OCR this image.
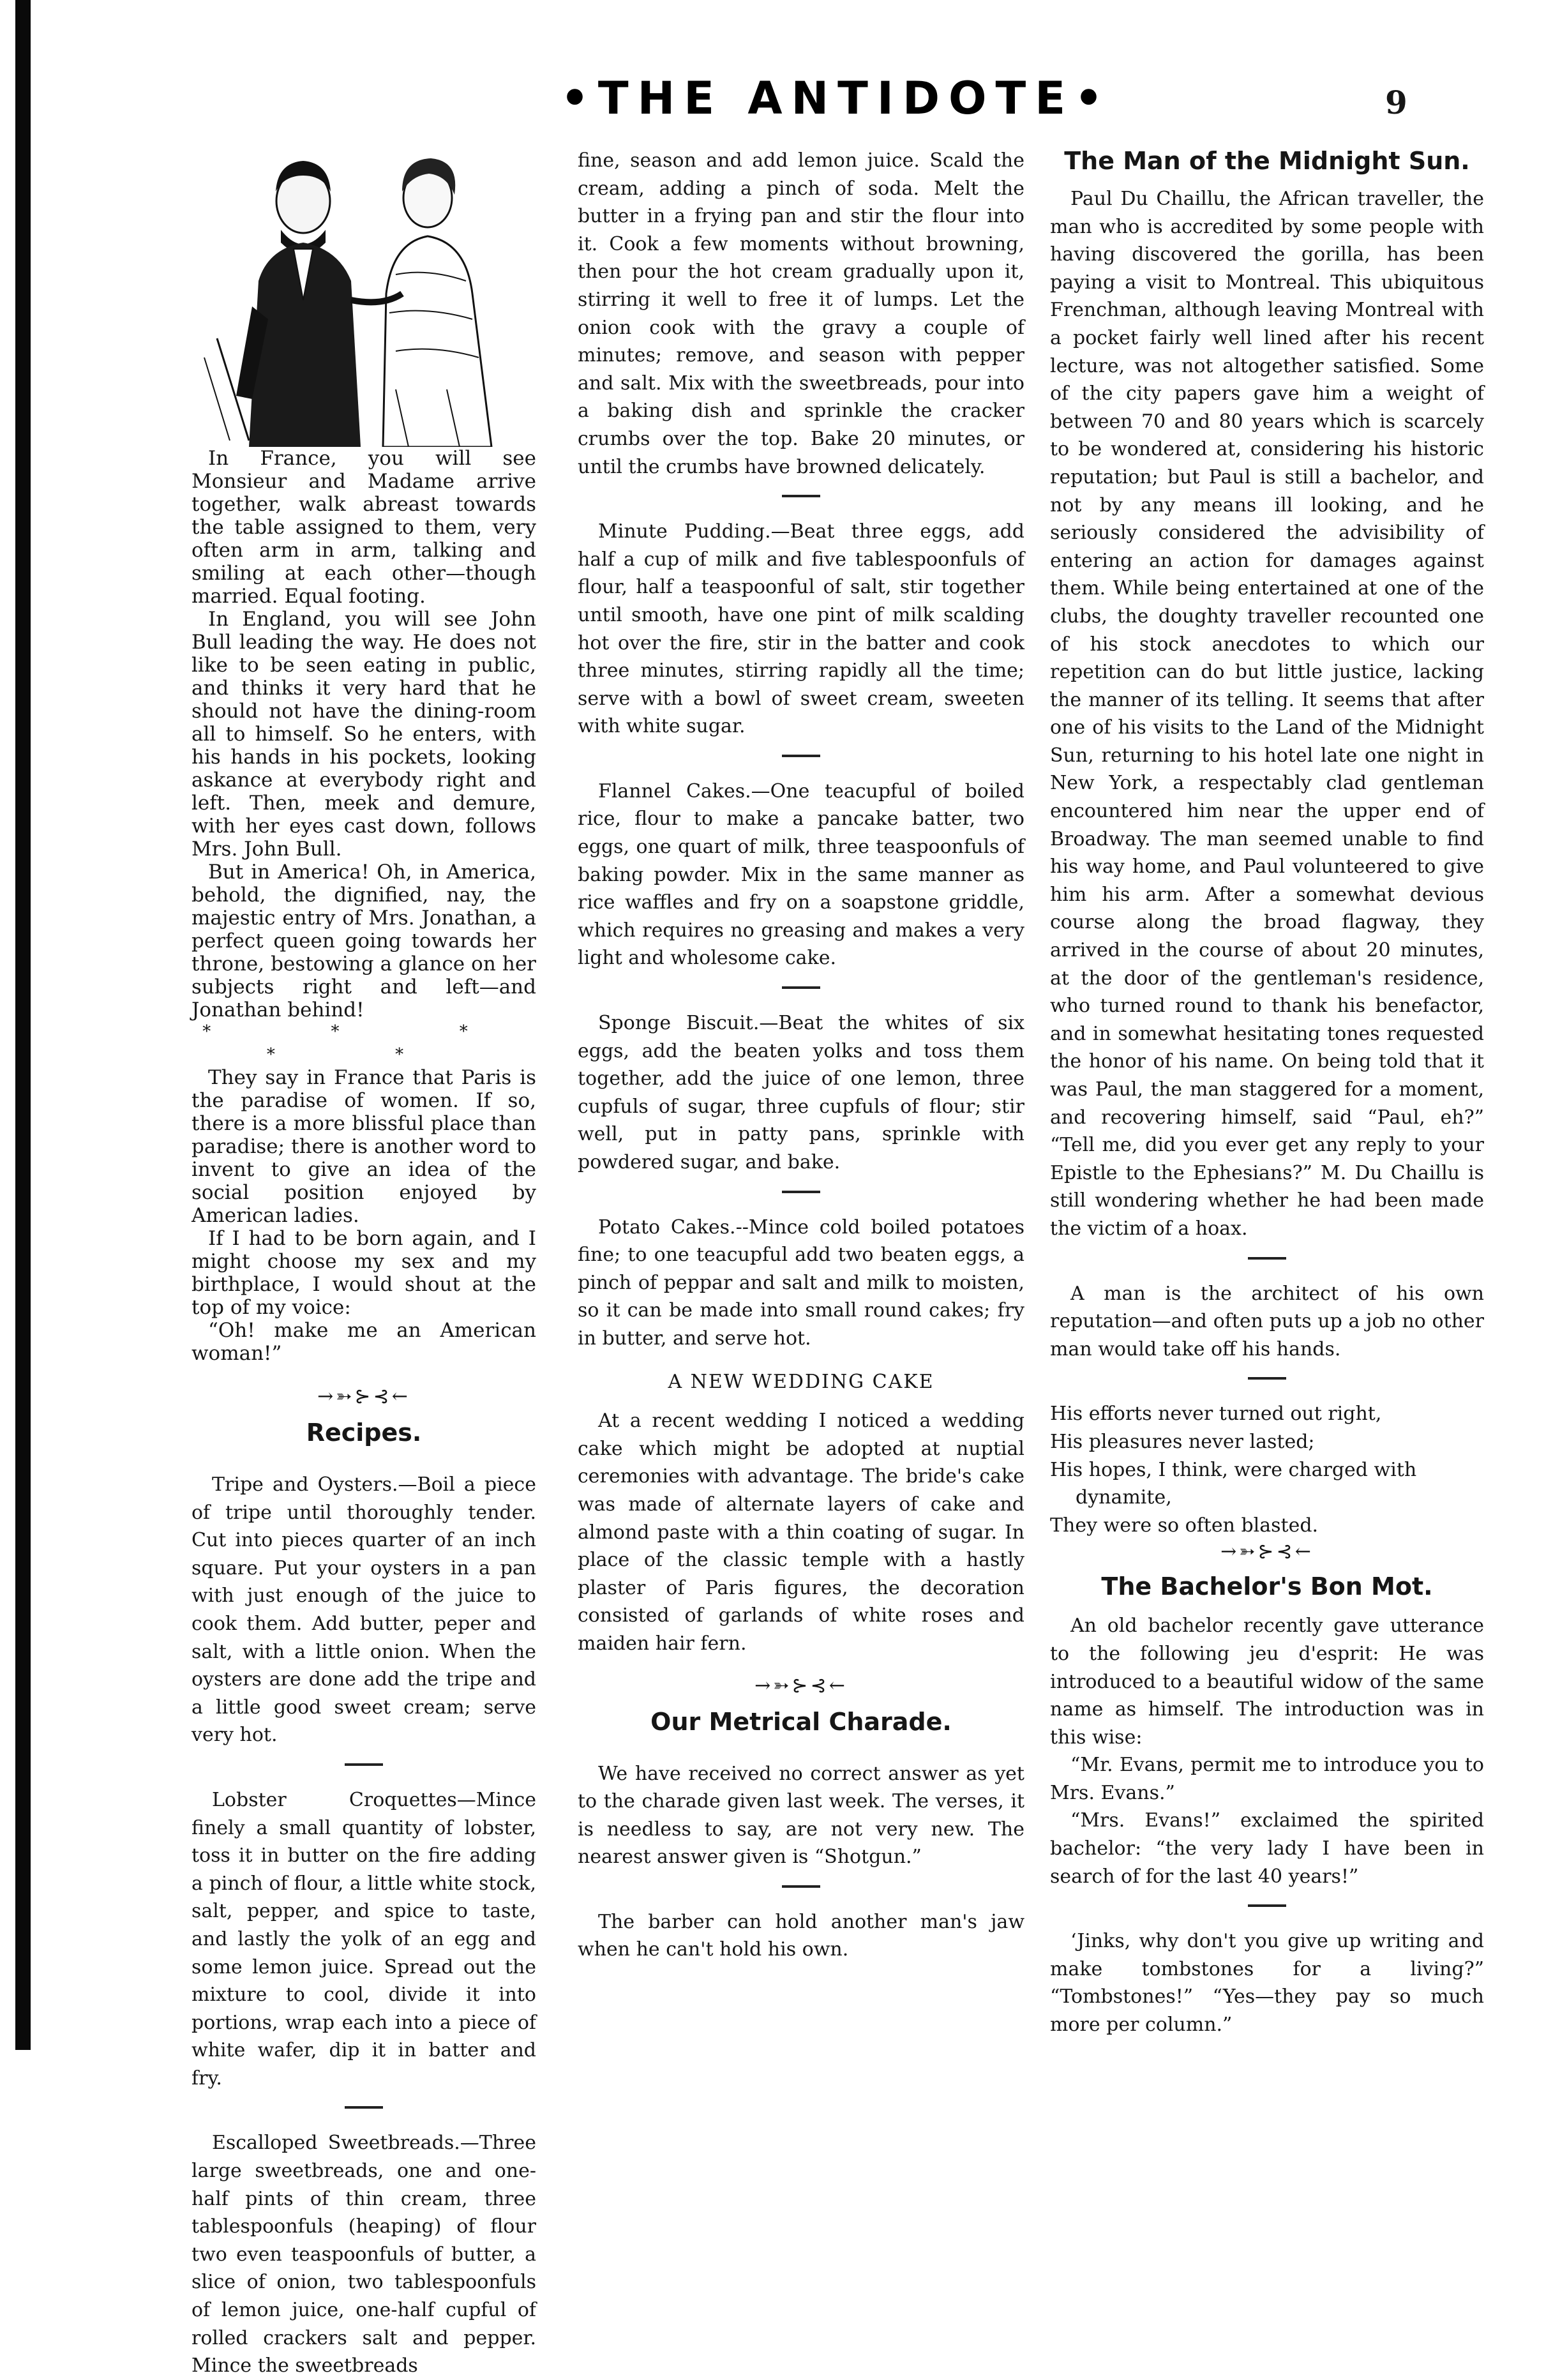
•THE ANTIDOTE•	9

In France, you will see Monsieur and Madame arrive together, walk abreast towards the table assigned to them, very often arm in arm, talking and smiling at each other—though married. Equal footing.

In England, you will see John Bull leading the way. He does not like to be seen eating in public, and thinks it very hard that he should not have the dining-room all to himself. So he enters, with his hands in his pockets, looking askance at everybody right and left. Then, meek and demure, with her eyes cast down, follows Mrs. John Bull.

But in America! Oh, in America, behold, the dignified, nay, the majestic entry of Mrs. Jonathan, a perfect queen going towards her throne, bestowing a glance on her subjects right and left—and Jonathan behind!

* * * * *

They say in France that Paris is the paradise of women. If so, there is a more blissful place than paradise; there is another word to invent to give an idea of the social position enjoyed by American ladies.

If I had to be born again, and I might choose my sex and my birthplace, I would shout at the top of my voice:

“Oh! make me an American woman!”

→➳⊱⊰←
Recipes.

Tripe and Oysters.—Boil a piece of tripe until thoroughly tender. Cut into pieces quarter of an inch square. Put your oysters in a pan with just enough of the juice to cook them. Add butter, peper and salt, with a little onion. When the oysters are done add the tripe and a little good sweet cream; serve very hot.

Lobster Croquettes—Mince finely a small quantity of lobster, toss it in butter on the fire adding a pinch of flour, a little white stock, salt, pepper, and spice to taste, and lastly the yolk of an egg and some lemon juice. Spread out the mixture to cool, divide it into portions, wrap each into a piece of white wafer, dip it in batter and fry.

Escalloped Sweetbreads.—Three large sweetbreads, one and one-half pints of thin cream, three tablespoonfuls (heaping) of flour two even teaspoonfuls of butter, a slice of onion, two tablespoonfuls of lemon juice, one-half cupful of rolled crackers salt and pepper. Mince the sweetbreads

fine, season and add lemon juice. Scald the cream, adding a pinch of soda. Melt the butter in a frying pan and stir the flour into it. Cook a few moments without browning, then pour the hot cream gradually upon it, stirring it well to free it of lumps. Let the onion cook with the gravy a couple of minutes; remove, and season with pepper and salt. Mix with the sweetbreads, pour into a baking dish and sprinkle the cracker crumbs over the top. Bake 20 minutes, or until the crumbs have browned delicately.

Minute Pudding.—Beat three eggs, add half a cup of milk and five tablespoonfuls of flour, half a teaspoonful of salt, stir together until smooth, have one pint of milk scalding hot over the fire, stir in the batter and cook three minutes, stirring rapidly all the time; serve with a bowl of sweet cream, sweeten with white sugar.

Flannel Cakes.—One teacupful of boiled rice, flour to make a pancake batter, two eggs, one quart of milk, three teaspoonfuls of baking powder. Mix in the same manner as rice waffles and fry on a soapstone griddle, which requires no greasing and makes a very light and wholesome cake.

Sponge Biscuit.—Beat the whites of six eggs, add the beaten yolks and toss them together, add the juice of one lemon, three cupfuls of sugar, three cupfuls of flour; stir well, put in patty pans, sprinkle with powdered sugar, and bake.

Potato Cakes.--Mince cold boiled potatoes fine; to one teacupful add two beaten eggs, a pinch of peppar and salt and milk to moisten, so it can be made into small round cakes; fry in butter, and serve hot.

A NEW WEDDING CAKE

At a recent wedding I noticed a wedding cake which might be adopted at nuptial ceremonies with advantage. The bride's cake was made of alternate layers of cake and almond paste with a thin coating of sugar. In place of the classic temple with a hastly plaster of Paris figures, the decoration consisted of garlands of white roses and maiden hair fern.

→➳⊱⊰←
Our Metrical Charade.

We have received no correct answer as yet to the charade given last week. The verses, it is needless to say, are not very new. The nearest answer given is “Shotgun.”

The barber can hold another man's jaw when he can't hold his own.

The Man of the Midnight Sun.

Paul Du Chaillu, the African traveller, the man who is accredited by some people with having discovered the gorilla, has been paying a visit to Montreal. This ubiquitous Frenchman, although leaving Montreal with a pocket fairly well lined after his recent lecture, was not altogether satisfied. Some of the city papers gave him a weight of between 70 and 80 years which is scarcely to be wondered at, considering his historic reputation; but Paul is still a bachelor, and not by any means ill looking, and he seriously considered the advisibility of entering an action for damages against them. While being entertained at one of the clubs, the doughty traveller recounted one of his stock anecdotes to which our repetition can do but little justice, lacking the manner of its telling. It seems that after one of his visits to the Land of the Midnight Sun, returning to his hotel late one night in New York, a respectably clad gentleman encountered him near the upper end of Broadway. The man seemed unable to find his way home, and Paul volunteered to give him his arm. After a somewhat devious course along the broad flagway, they arrived in the course of about 20 minutes, at the door of the gentleman's residence, who turned round to thank his benefactor, and in somewhat hesitating tones requested the honor of his name. On being told that it was Paul, the man staggered for a moment, and recovering himself, said “Paul, eh?” “Tell me, did you ever get any reply to your Epistle to the Ephesians?” M. Du Chaillu is still wondering whether he had been made the victim of a hoax.

A man is the architect of his own reputation—and often puts up a job no other man would take off his hands.

His efforts never turned out right,

His pleasures never lasted;

His hopes, I think, were charged with

dynamite,

They were so often blasted.

→➳⊱⊰←
The Bachelor's Bon Mot.

An old bachelor recently gave utterance to the following jeu d'esprit: He was introduced to a beautiful widow of the same name as himself. The introduction was in this wise:

“Mr. Evans, permit me to introduce you to Mrs. Evans.”

“Mrs. Evans!” exclaimed the spirited bachelor: “the very lady I have been in search of for the last 40 years!”

‘Jinks, why don't you give up writing and make tombstones for a living?” “Tombstones!” “Yes—they pay so much more per column.”
